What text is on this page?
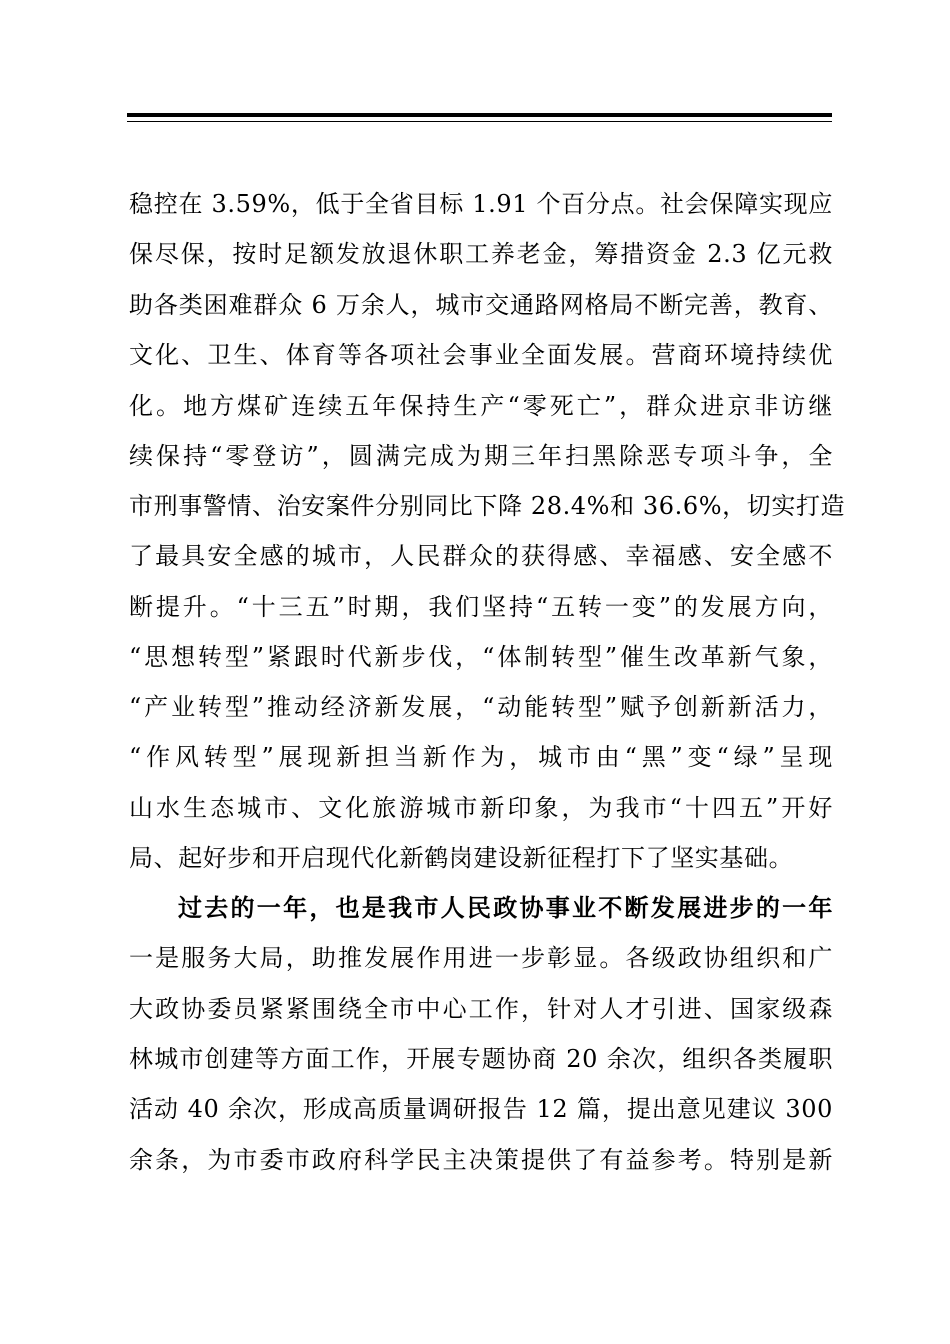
稳控在 3.59%，低于全省目标 1.91 个百分点。社会保障实现应
保尽保，按时足额发放退休职工养老金，筹措资金 2.3 亿元救
助各类困难群众 6 万余人，城市交通路网格局不断完善，教育、
文化、卫生、体育等各项社会事业全面发展。营商环境持续优
化。地方煤矿连续五年保持生产“零死亡”，群众进京非访继
续保持“零登访”，圆满完成为期三年扫黑除恶专项斗争，全
市刑事警情、治安案件分别同比下降 28.4%和 36.6%，切实打造
了最具安全感的城市，人民群众的获得感、幸福感、安全感不
断提升。“十三五”时期，我们坚持“五转一变”的发展方向，
“思想转型”紧跟时代新步伐，“体制转型”催生改革新气象，
“产业转型”推动经济新发展，“动能转型”赋予创新新活力，
“作风转型”展现新担当新作为，城市由“黑”变“绿”呈现
山水生态城市、文化旅游城市新印象，为我市“十四五”开好
局、起好步和开启现代化新鹤岗建设新征程打下了坚实基础。
过去的一年，也是我市人民政协事业不断发展进步的一年
一是服务大局，助推发展作用进一步彰显。各级政协组织和广
大政协委员紧紧围绕全市中心工作，针对人才引进、国家级森
林城市创建等方面工作，开展专题协商 20 余次，组织各类履职
活动 40 余次，形成高质量调研报告 12 篇，提出意见建议 300
余条，为市委市政府科学民主决策提供了有益参考。特别是新
